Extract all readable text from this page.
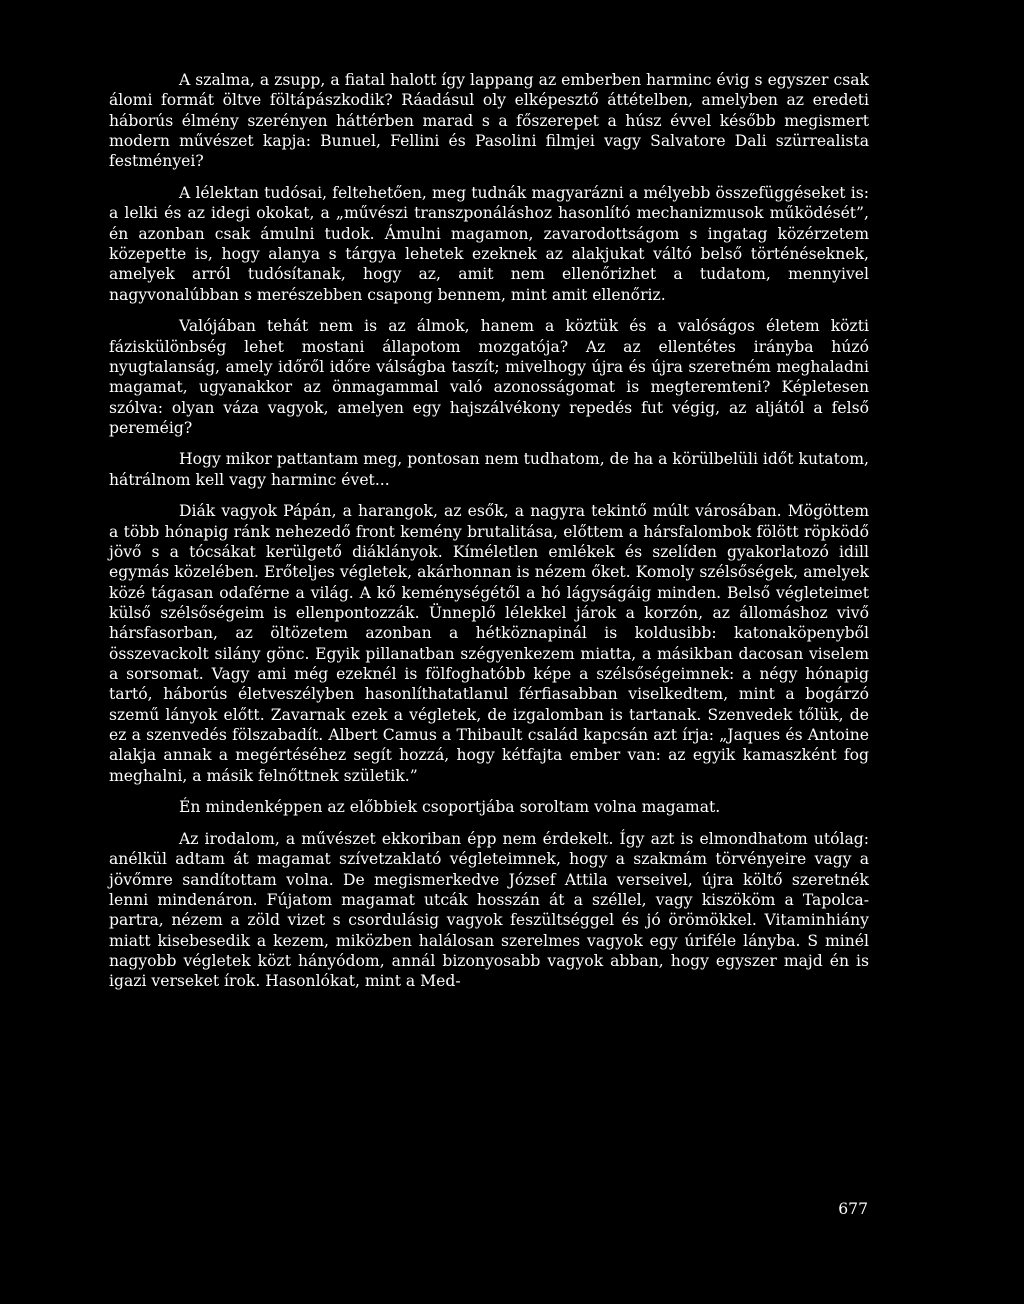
A szalma, a zsupp, a fiatal halott így lappang az emberben harminc évig s egyszer csak álomi formát öltve föltápászkodik? Ráadásul oly elképesztő áttételben, amelyben az eredeti háborús élmény szerényen háttérben marad s a főszerepet a húsz évvel később megismert modern művészet kapja: Bunuel, Fellini és Pasolini filmjei vagy Salvatore Dali szürrealista festményei?

A lélektan tudósai, feltehetően, meg tudnák magyarázni a mélyebb összefüggéseket is: a lelki és az idegi okokat, a „művészi transzponáláshoz hasonlító mechanizmusok működését”, én azonban csak ámulni tudok. Ámulni magamon, zavarodottságom s ingatag közérzetem közepette is, hogy alanya s tárgya lehetek ezeknek az alakjukat váltó belső történéseknek, amelyek arról tudósítanak, hogy az, amit nem ellenőrizhet a tudatom, mennyivel nagyvonalúbban s merészebben csapong bennem, mint amit ellenőriz.

Valójában tehát nem is az álmok, hanem a köztük és a valóságos életem közti fáziskülönbség lehet mostani állapotom mozgatója? Az az ellentétes irányba húzó nyugtalanság, amely időről időre válságba taszít; mivelhogy újra és újra szeretném meghaladni magamat, ugyanakkor az önmagammal való azonosságomat is megteremteni? Képletesen szólva: olyan váza vagyok, amelyen egy hajszálvékony repedés fut végig, az aljától a felső pereméig?

Hogy mikor pattantam meg, pontosan nem tudhatom, de ha a körülbelüli időt kutatom, hátrálnom kell vagy harminc évet...

Diák vagyok Pápán, a harangok, az esők, a nagyra tekintő múlt városában. Mögöttem a több hónapig ránk nehezedő front kemény brutalitása, előttem a hársfalombok fölött röpködő jövő s a tócsákat kerülgető diáklányok. Kíméletlen emlékek és szelíden gyakorlatozó idill egymás közelében. Erőteljes végletek, akárhonnan is nézem őket. Komoly szélsőségek, amelyek közé tágasan odaférne a világ. A kő keménységétől a hó lágyságáig minden. Belső végleteimet külső szélsőségeim is ellenpontozzák. Ünneplő lélekkel járok a korzón, az állomáshoz vivő hársfasorban, az öltözetem azonban a hétköznapinál is koldusibb: katonaköpenyből összevackolt silány gönc. Egyik pillanatban szégyenkezem miatta, a másikban dacosan viselem a sorsomat. Vagy ami még ezeknél is fölfoghatóbb képe a szélsőségeimnek: a négy hónapig tartó, háborús életveszélyben hasonlíthatatlanul férfiasabban viselkedtem, mint a bogárzó szemű lányok előtt. Zavarnak ezek a végletek, de izgalomban is tartanak. Szenvedek tőlük, de ez a szenvedés fölszabadít. Albert Camus a Thibault család kapcsán azt írja: „Jaques és Antoine alakja annak a megértéséhez segít hozzá, hogy kétfajta ember van: az egyik kamaszként fog meghalni, a másik felnőttnek születik.”

Én mindenképpen az előbbiek csoportjába soroltam volna magamat.

Az irodalom, a művészet ekkoriban épp nem érdekelt. Így azt is elmondhatom utólag: anélkül adtam át magamat szívetzaklató végleteimnek, hogy a szakmám törvényeire vagy a jövőmre sandítottam volna. De megismerkedve József Attila verseivel, újra költő szeretnék lenni mindenáron. Fújatom magamat utcák hosszán át a széllel, vagy kiszököm a Tapolca-partra, nézem a zöld vizet s csordulásig vagyok feszültséggel és jó örömökkel. Vitaminhiány miatt kisebesedik a kezem, miközben halálosan szerelmes vagyok egy úriféle lányba. S minél nagyobb végletek közt hányódom, annál bizonyosabb vagyok abban, hogy egyszer majd én is igazi verseket írok. Hasonlókat, mint a Med-

677
